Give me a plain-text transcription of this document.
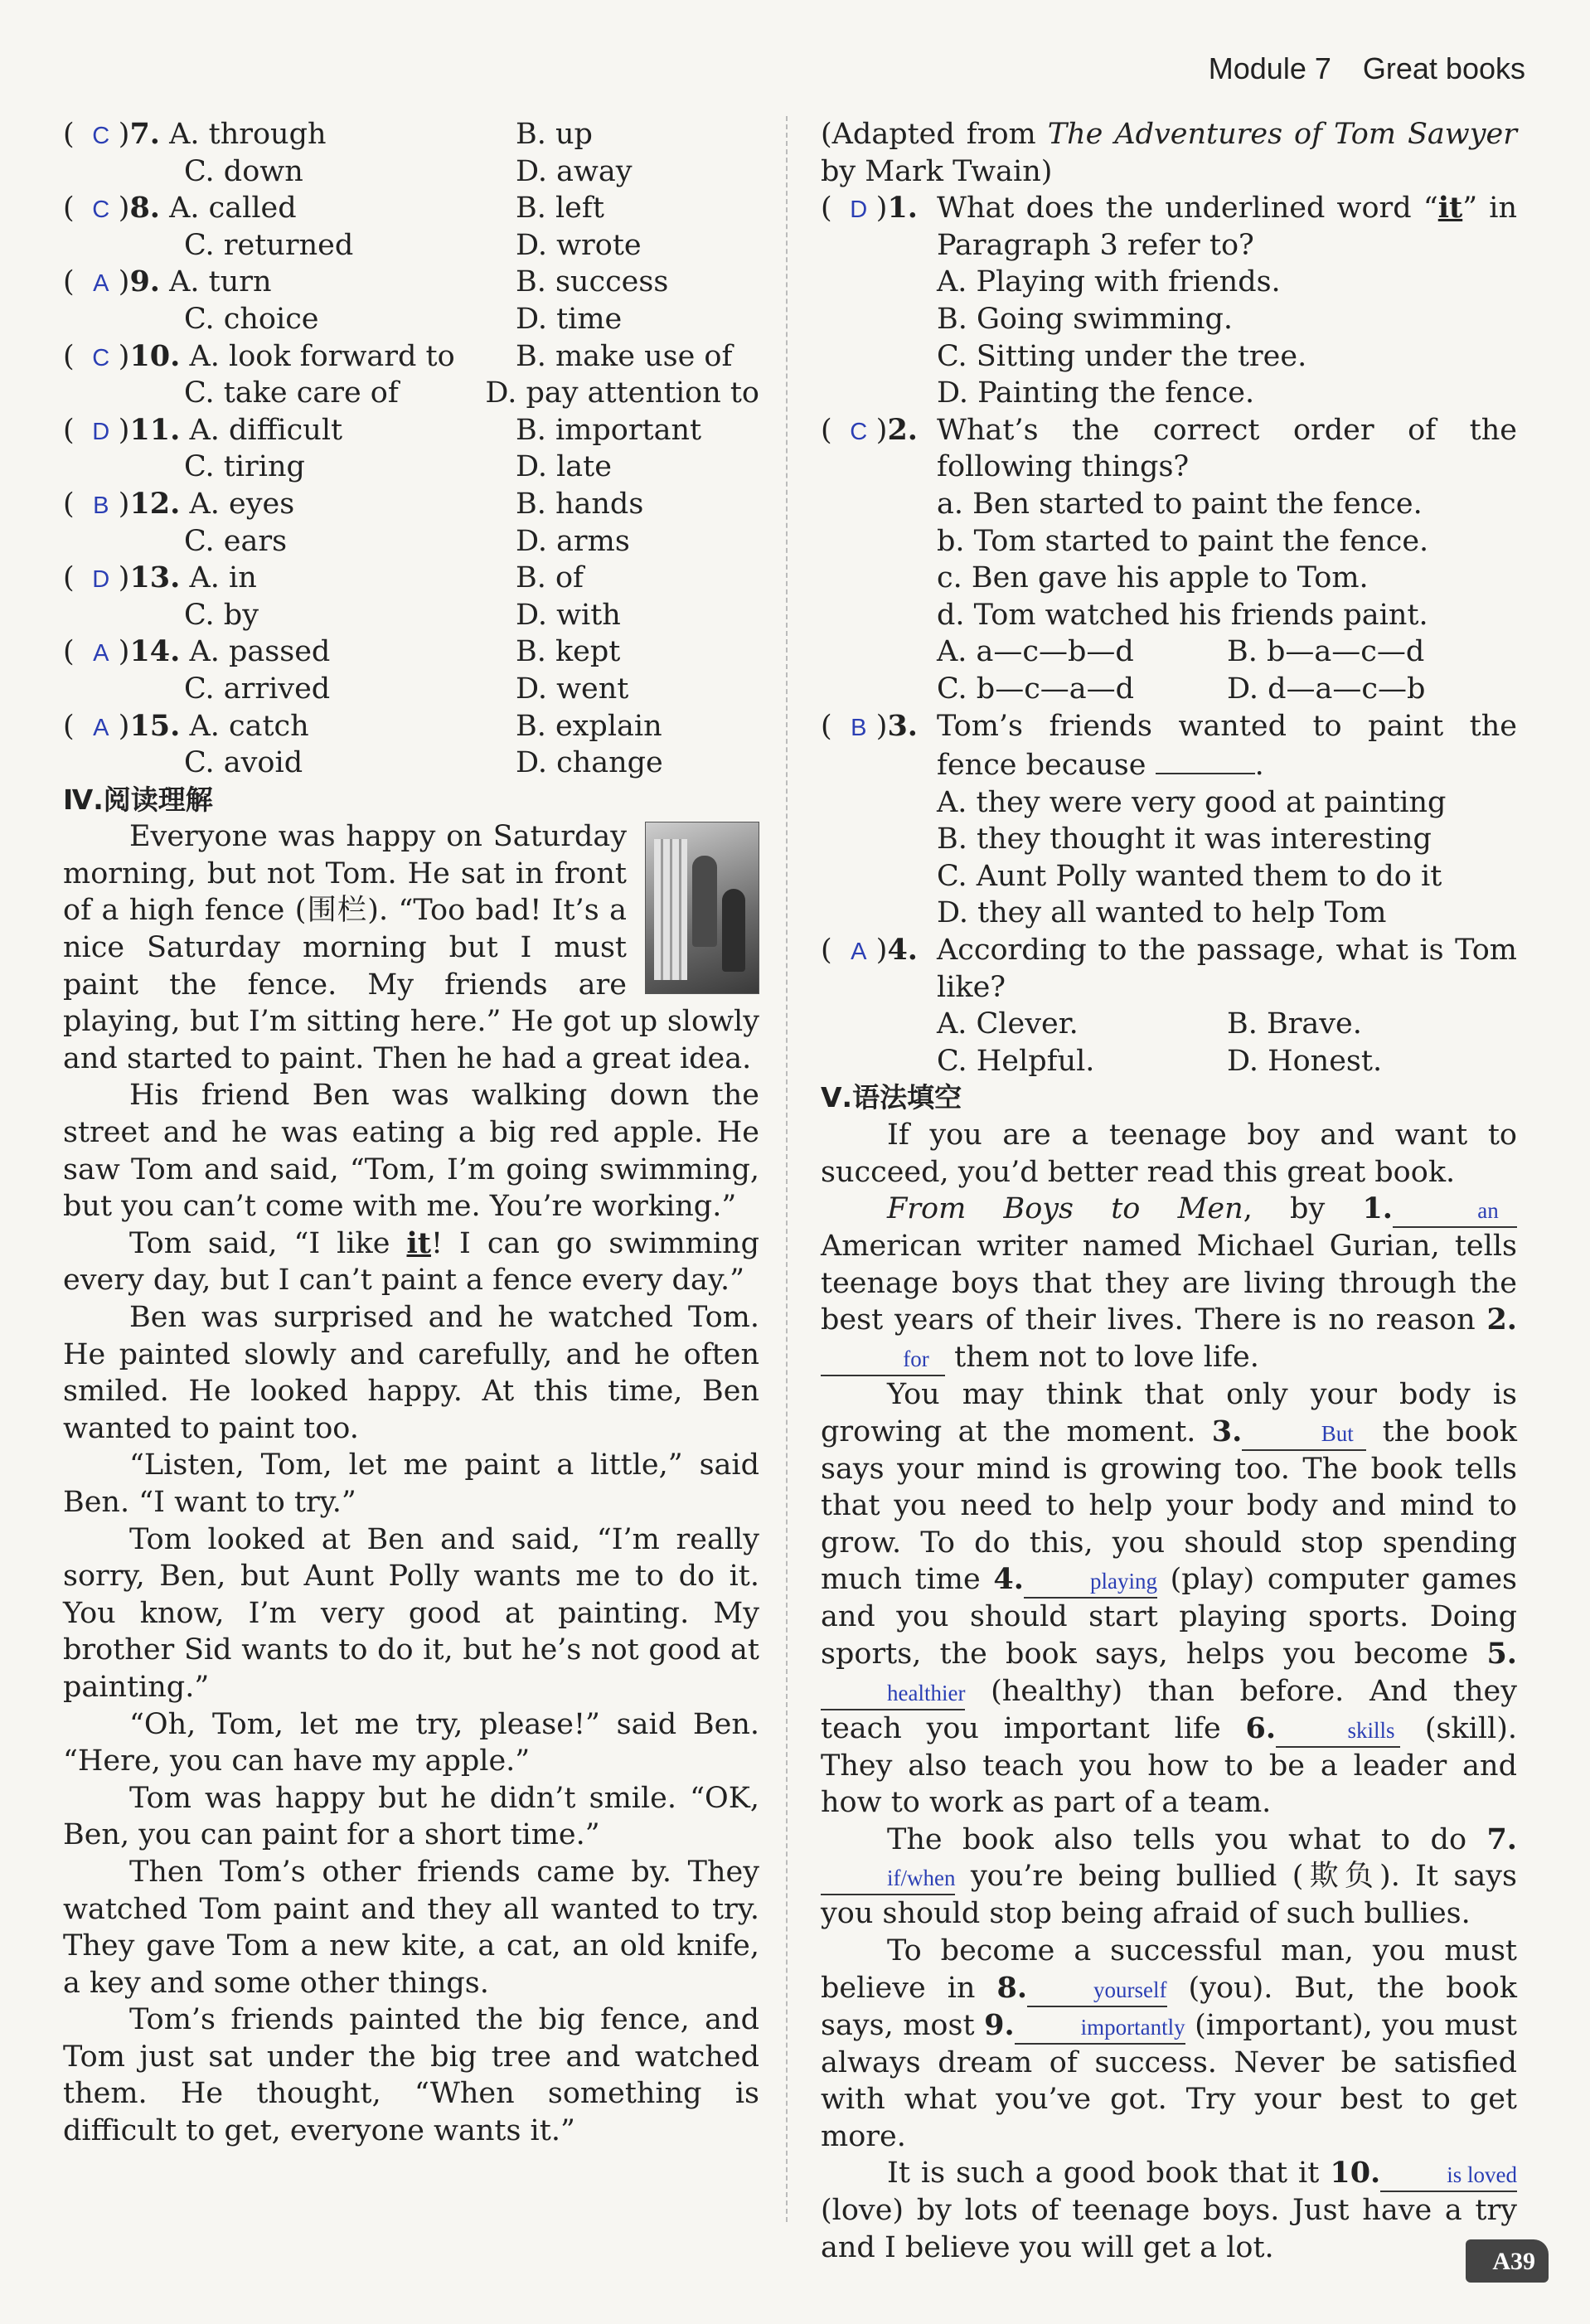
Module 7 Great books
( C )7. A. through	B. up
C. down	D. away
( C )8. A. called	B. left
C. returned	D. wrote
( A )9. A. turn	B. success
C. choice	D. time
( C )10. A. look forward to	B. make use of
C. take care of	D. pay attention to
( D )11. A. difficult	B. important
C. tiring	D. late
( B )12. A. eyes	B. hands
C. ears	D. arms
( D )13. A. in	B. of
C. by	D. with
( A )14. A. passed	B. kept
C. arrived	D. went
( A )15. A. catch	B. explain
C. avoid	D. change
Ⅳ.阅读理解

Everyone was happy on Saturday morning, but not Tom. He sat in front of a high fence (围栏). “Too bad! It’s a nice Saturday morning but I must paint the fence. My friends are playing, but I’m sitting here.” He got up slowly and started to paint. Then he had a great idea.

His friend Ben was walking down the street and he was eating a big red apple. He saw Tom and said, “Tom, I’m going swimming, but you can’t come with me. You’re working.”

Tom said, “I like it! I can go swimming every day, but I can’t paint a fence every day.”

Ben was surprised and he watched Tom. He painted slowly and carefully, and he often smiled. He looked happy. At this time, Ben wanted to paint too.

“Listen, Tom, let me paint a little,” said Ben. “I want to try.”

Tom looked at Ben and said, “I’m really sorry, Ben, but Aunt Polly wants me to do it. You know, I’m very good at painting. My brother Sid wants to do it, but he’s not good at painting.”

“Oh, Tom, let me try, please!” said Ben. “Here, you can have my apple.”

Tom was happy but he didn’t smile. “OK, Ben, you can paint for a short time.”

Then Tom’s other friends came by. They watched Tom paint and they all wanted to try. They gave Tom a new kite, a cat, an old knife, a key and some other things.

Tom’s friends painted the big fence, and Tom just sat under the big tree and watched them. He thought, “When something is difficult to get, everyone wants it.”

(Adapted from The Adventures of Tom Sawyer by Mark Twain)

( D )1. What does the underlined word “it” in Paragraph 3 refer to?
A. Playing with friends.
B. Going swimming.
C. Sitting under the tree.
D. Painting the fence.
( C )2. What’s the correct order of the following things?
a. Ben started to paint the fence.
b. Tom started to paint the fence.
c. Ben gave his apple to Tom.
d. Tom watched his friends paint.
A. a—c—b—d	B. b—a—c—d
C. b—c—a—d	D. d—a—c—b
( B )3. Tom’s friends wanted to paint the fence because	.
A. they were very good at painting
B. they thought it was interesting
C. Aunt Polly wanted them to do it
D. they all wanted to help Tom
( A )4. According to the passage, what is Tom like?
A. Clever.	B. Brave.
C. Helpful.	D. Honest.
Ⅴ.语法填空

If you are a teenage boy and want to succeed, you’d better read this great book.

From Boys to Men, by 1.	an American writer named Michael Gurian, tells teenage boys that they are living through the best years of their lives. There is no reason 2.for them not to love life.

You may think that only your body is growing at the moment. 3.	But the book says your mind is growing too. The book tells that you need to help your body and mind to grow. To do this, you should stop spending much time 4.	playing (play) computer games and you should start playing sports. Doing sports, the book says, helps you become 5.healthier (healthy) than before. And they teach you important life 6.	skills (skill). They also teach you how to be a leader and how to work as part of a team.

The book also tells you what to do 7.if/when you’re being bullied (欺负). It says you should stop being afraid of such bullies.

To become a successful man, you must believe in 8.	yourself (you). But, the book says, most 9.	importantly (important), you must always dream of success. Never be satisfied with what you’ve got. Try your best to get more.

It is such a good book that it 10.	is loved (love) by lots of teenage boys. Just have a try and I believe you will get a lot.	• A39
